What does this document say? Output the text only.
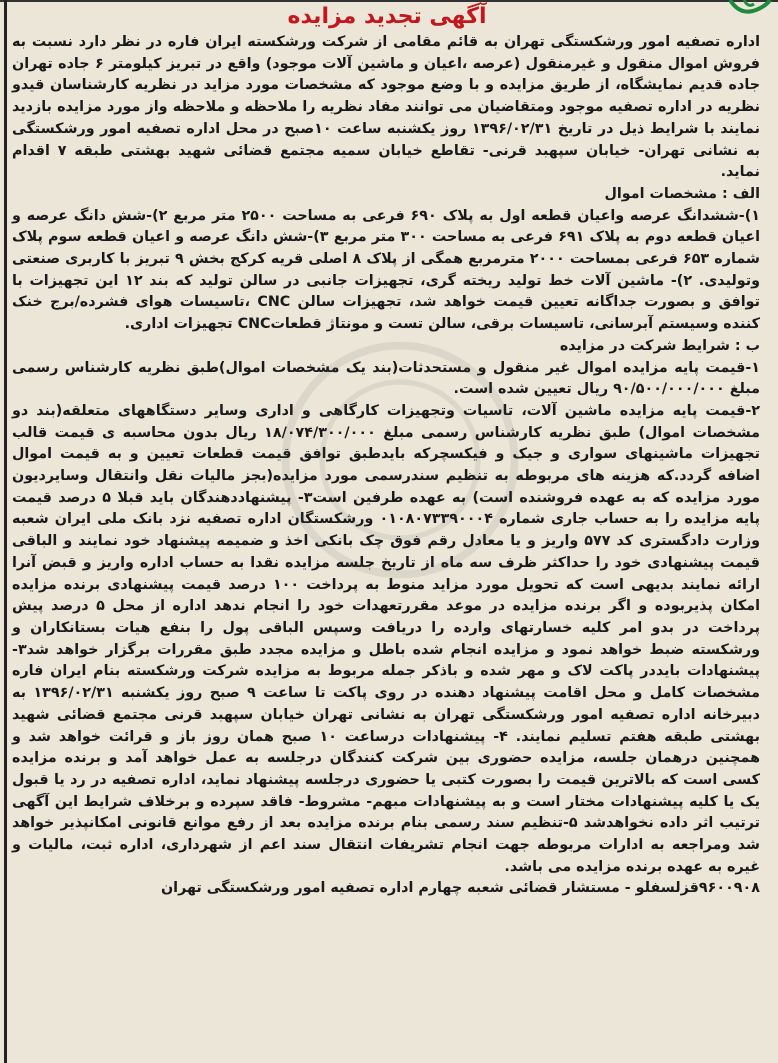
آگهی تجدید مزایده

اداره تصفیه امور ورشکستگی تهران به قائم مقامی از شرکت ورشکسته ایران فاره در نظر دارد نسبت به فروش اموال منقول و غیرمنقول (عرصه ،اعیان و ماشین آلات موجود) واقع در تبریز کیلومتر ۶ جاده تهران جاده قدیم نمایشگاه، از طریق مزایده و با وضع موجود که مشخصات مورد مزاید در نظریه کارشناسان قیدو نظریه در اداره تصفیه موجود ومتقاضیان می توانند مفاد نظریه را ملاحظه و ملاحظه واز مورد مزایده بازدید نمایند با شرایط ذیل در تاریخ ۱۳۹۶/۰۲/۳۱ روز یکشنبه ساعت ۱۰صبح در محل اداره تصفیه امور ورشکستگی به نشانی تهران- خیابان سپهبد قرنی- تقاطع خیابان سمیه مجتمع قضائی شهید بهشتی طبقه ۷ اقدام نماید.

الف : مشخصات اموال

۱)-ششدانگ عرصه واعیان قطعه اول به پلاک ۶۹۰ فرعی به مساحت ۲۵۰۰ متر مربع ۲)-شش دانگ عرصه و اعیان قطعه دوم به پلاک ۶۹۱ فرعی به مساحت ۳۰۰ متر مربع ۳)-شش دانگ عرصه و اعیان قطعه سوم پلاک شماره ۶۵۳ فرعی بمساحت ۲۰۰۰ مترمربع همگی از پلاک ۸ اصلی قریه کرکج بخش ۹ تبریز با کاربری صنعتی وتولیدی. ۲)- ماشین آلات خط تولید ریخته گری، تجهیزات جانبی در سالن تولید که بند ۱۲ این تجهیزات با توافق و بصورت جداگانه تعیین قیمت خواهد شد، تجهیزات سالن CNC ،تاسیسات هوای فشرده/برج خنک کننده وسیستم آبرسانی، تاسیسات برقی، سالن تست و مونتاژ قطعاتCNC تجهیزات اداری.

ب : شرایط شرکت در مزایده

۱-قیمت پایه مزایده اموال غیر منقول و مستحدثات(بند یک مشخصات اموال)طبق نظریه کارشناس رسمی مبلغ ۹۰/۵۰۰/۰۰۰/۰۰۰ ریال تعیین شده است.

۲-قیمت پایه مزایده ماشین آلات، تاسیات وتجهیزات کارگاهی و اداری وسایر دستگاههای متعلقه(بند دو مشخصات اموال) طبق نظریه کارشناس رسمی مبلغ ۱۸/۰۷۴/۳۰۰/۰۰۰ ریال بدون محاسبه ی قیمت قالب تجهیزات ماشینهای سواری و جیک و فیکسچرکه بایدطبق توافق قیمت قطعات تعیین و به قیمت اموال اضافه گردد.که هزینه های مربوطه به تنظیم سندرسمی مورد مزایده(بجز مالیات نقل وانتقال وسایردیون مورد مزایده که به عهده فروشنده است) به عهده طرفین است۳- پیشنهاددهندگان باید قبلا ۵ درصد قیمت پایه مزایده را به حساب جاری شماره ۰۱۰۸۰۷۳۳۹۰۰۰۴ ورشکستگان اداره تصفیه نزد بانک ملی ایران شعبه وزارت دادگستری کد ۵۷۷ واریز و یا معادل رقم فوق چک بانکی اخذ و ضمیمه پیشنهاد خود نمایند و الباقی قیمت پیشنهادی خود را حداکثر ظرف سه ماه از تاریخ جلسه مزایده نقدا به حساب اداره واریز و قبض آنرا ارائه نمایند بدیهی است که تحویل مورد مزاید منوط به پرداخت ۱۰۰ درصد قیمت پیشنهادی برنده مزایده امکان پذیربوده و اگر برنده مزایده در موعد مقررتعهدات خود را انجام ندهد اداره از محل ۵ درصد پیش پرداخت در بدو امر کلیه خسارتهای وارده را دریافت وسپس الباقی پول را بنفع هیات بستانکاران و ورشکسته ضبط خواهد نمود و مزایده انجام شده باطل و مزایده مجدد طبق مقررات برگزار خواهد شد۳- پیشنهادات بایددر پاکت لاک و مهر شده و باذکر جمله مربوط به مزایده شرکت ورشکسته بنام ایران فاره مشخصات کامل و محل اقامت پیشنهاد دهنده در روی پاکت تا ساعت ۹ صبح روز یکشنبه ۱۳۹۶/۰۲/۳۱ به دبیرخانه اداره تصفیه امور ورشکستگی تهران به نشانی تهران خیابان سپهبد قرنی مجتمع قضائی شهید بهشتی طبقه هفتم تسلیم نمایند. ۴- پیشنهادات درساعت ۱۰ صبح همان روز باز و قرائت خواهد شد و همچنین درهمان جلسه، مزایده حضوری بین شرکت کنندگان درجلسه به عمل خواهد آمد و برنده مزایده کسی است که بالاترین قیمت را بصورت کتبی یا حضوری درجلسه پیشنهاد نماید، اداره تصفیه در رد یا قبول یک یا کلیه پیشنهادات مختار است و به پیشنهادات مبهم- مشروط- فاقد سپرده و برخلاف شرایط این آگهی ترتیب اثر داده نخواهدشد ۵-تنظیم سند رسمی بنام برنده مزایده بعد از رفع موانع قانونی امکانپذیر خواهد شد ومراجعه به ادارات مربوطه جهت انجام تشریفات انتقال سند اعم از شهرداری، اداره ثبت، مالیات و غیره به عهده برنده مزایده می باشد.

۹۶۰۰۹۰۸قزلسفلو - مستشار قضائی شعبه چهارم اداره تصفیه امور ورشکستگی تهران
